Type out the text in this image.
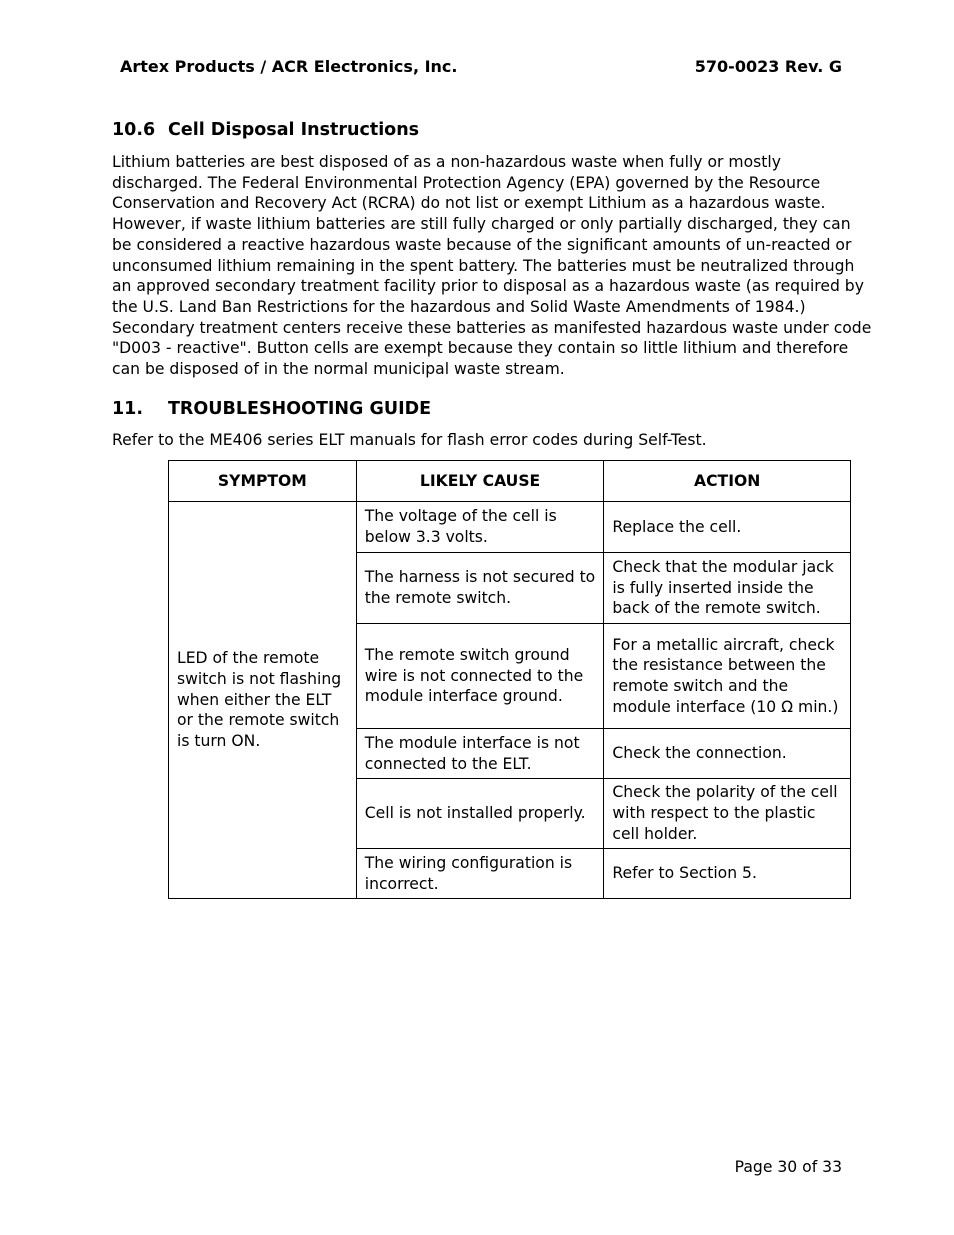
Artex Products / ACR Electronics, Inc.	570-0023 Rev. G
10.6 Cell Disposal Instructions
Lithium batteries are best disposed of as a non-hazardous waste when fully or mostly
discharged. The Federal Environmental Protection Agency (EPA) governed by the Resource
Conservation and Recovery Act (RCRA) do not list or exempt Lithium as a hazardous waste.
However, if waste lithium batteries are still fully charged or only partially discharged, they can
be considered a reactive hazardous waste because of the significant amounts of un-reacted or
unconsumed lithium remaining in the spent battery. The batteries must be neutralized through
an approved secondary treatment facility prior to disposal as a hazardous waste (as required by
the U.S. Land Ban Restrictions for the hazardous and Solid Waste Amendments of 1984.)
Secondary treatment centers receive these batteries as manifested hazardous waste under code
"D003 - reactive". Button cells are exempt because they contain so little lithium and therefore
can be disposed of in the normal municipal waste stream.
11. TROUBLESHOOTING GUIDE
Refer to the ME406 series ELT manuals for flash error codes during Self-Test.
SYMPTOM	LIKELY CAUSE	ACTION
LED of the remote switch is not flashing when either the ELT or the remote switch is turn ON.	The voltage of the cell is below 3.3 volts.	Replace the cell.
	The harness is not secured to the remote switch.	Check that the modular jack is fully inserted inside the back of the remote switch.
	The remote switch ground wire is not connected to the module interface ground.	For a metallic aircraft, check the resistance between the remote switch and the module interface (10 Ω min.)
	The module interface is not connected to the ELT.	Check the connection.
	Cell is not installed properly.	Check the polarity of the cell with respect to the plastic cell holder.
	The wiring configuration is incorrect.	Refer to Section 5.
Page 30 of 33
